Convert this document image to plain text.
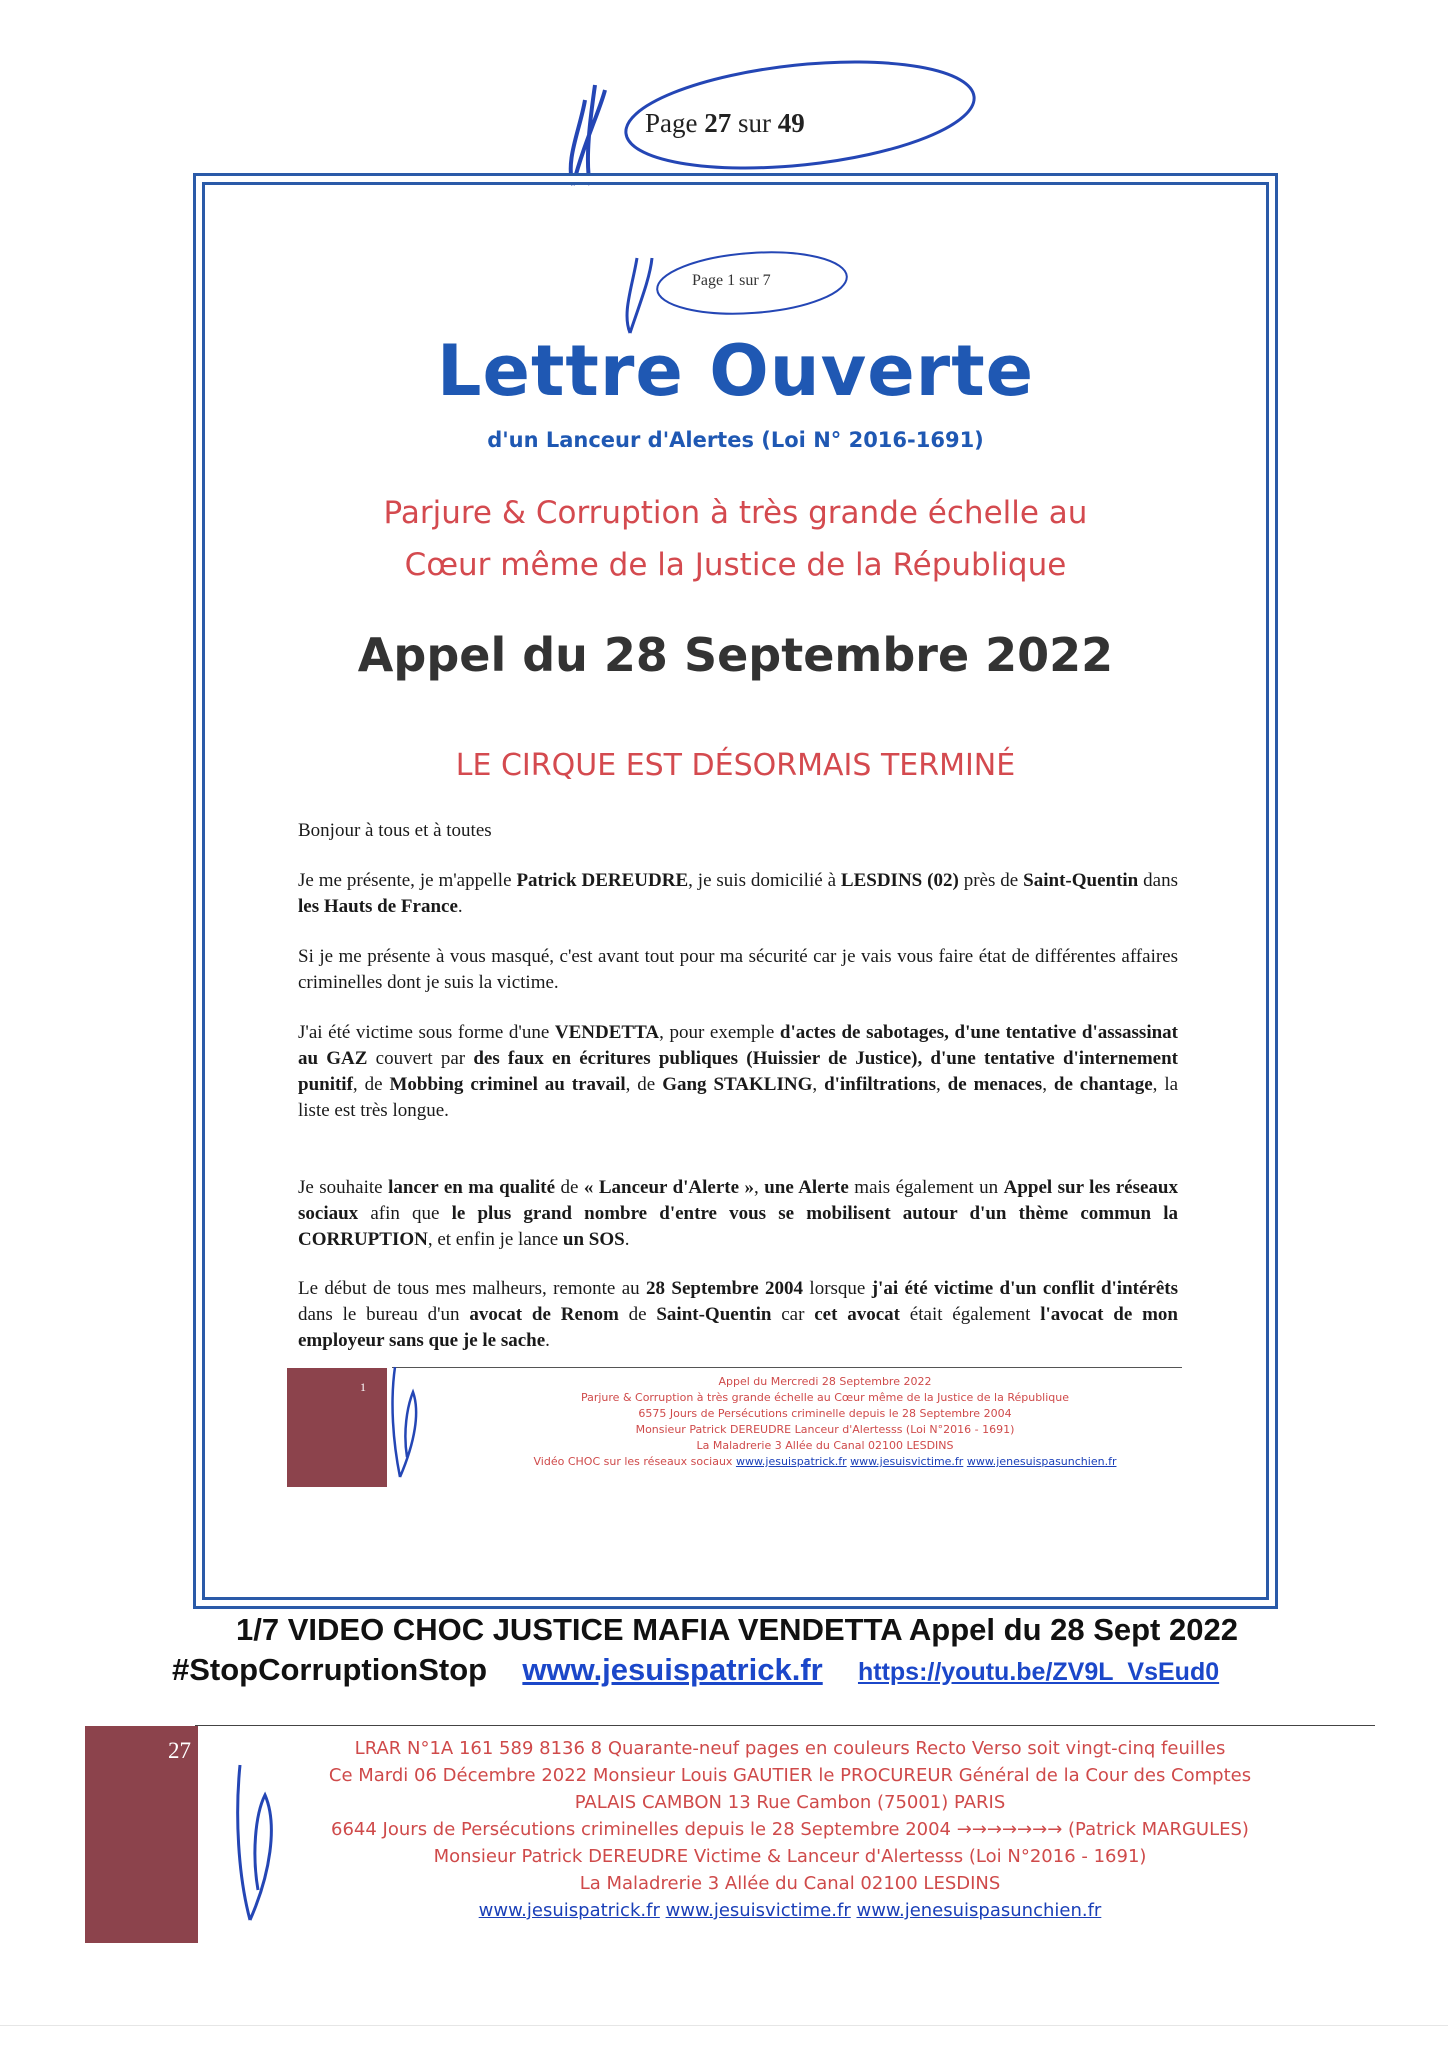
Page 27 sur 49
Page 1 sur 7
Lettre Ouverte
d'un Lanceur d'Alertes (Loi N° 2016-1691)
Parjure & Corruption à très grande échelle au
Cœur même de la Justice de la République
Appel du 28 Septembre 2022
LE CIRQUE EST DÉSORMAIS TERMINÉ
Bonjour à tous et à toutes
Je me présente, je m'appelle Patrick DEREUDRE, je suis domicilié à LESDINS (02) près de Saint-Quentin dans les Hauts de France.
Si je me présente à vous masqué, c'est avant tout pour ma sécurité car je vais vous faire état de différentes affaires criminelles dont je suis la victime.
J'ai été victime sous forme d'une VENDETTA, pour exemple d'actes de sabotages, d'une tentative d'assassinat au GAZ couvert par des faux en écritures publiques (Huissier de Justice), d'une tentative d'internement punitif, de Mobbing criminel au travail, de Gang STAKLING, d'infiltrations, de menaces, de chantage, la liste est très longue.
Je souhaite lancer en ma qualité de « Lanceur d'Alerte », une Alerte mais également un Appel sur les réseaux sociaux afin que le plus grand nombre d'entre vous se mobilisent autour d'un thème commun la CORRUPTION, et enfin je lance un SOS.
Le début de tous mes malheurs, remonte au 28 Septembre 2004 lorsque j'ai été victime d'un conflit d'intérêts dans le bureau d'un avocat de Renom de Saint-Quentin car cet avocat était également l'avocat de mon employeur sans que je le sache.
1	Appel du Mercredi 28 Septembre 2022
Parjure & Corruption à très grande échelle au Cœur même de la Justice de la République
6575 Jours de Persécutions criminelle depuis le 28 Septembre 2004
Monsieur Patrick DEREUDRE Lanceur d'Alertesss (Loi N°2016 - 1691)
La Maladrerie 3 Allée du Canal 02100 LESDINS
Vidéo CHOC sur les réseaux sociaux www.jesuispatrick.fr www.jesuisvictime.fr www.jenesuispasunchien.fr
1/7 VIDEO CHOC JUSTICE MAFIA VENDETTA Appel du 28 Sept 2022
#StopCorruptionStop www.jesuispatrick.fr https://youtu.be/ZV9L_VsEud0
27	LRAR N°1A 161 589 8136 8 Quarante-neuf pages en couleurs Recto Verso soit vingt-cinq feuilles
Ce Mardi 06 Décembre 2022 Monsieur Louis GAUTIER le PROCUREUR Général de la Cour des Comptes
PALAIS CAMBON 13 Rue Cambon (75001) PARIS
6644 Jours de Persécutions criminelles depuis le 28 Septembre 2004 →→→→→→→ (Patrick MARGULES)
Monsieur Patrick DEREUDRE Victime & Lanceur d'Alertesss (Loi N°2016 - 1691)
La Maladrerie 3 Allée du Canal 02100 LESDINS
www.jesuispatrick.fr www.jesuisvictime.fr www.jenesuispasunchien.fr
